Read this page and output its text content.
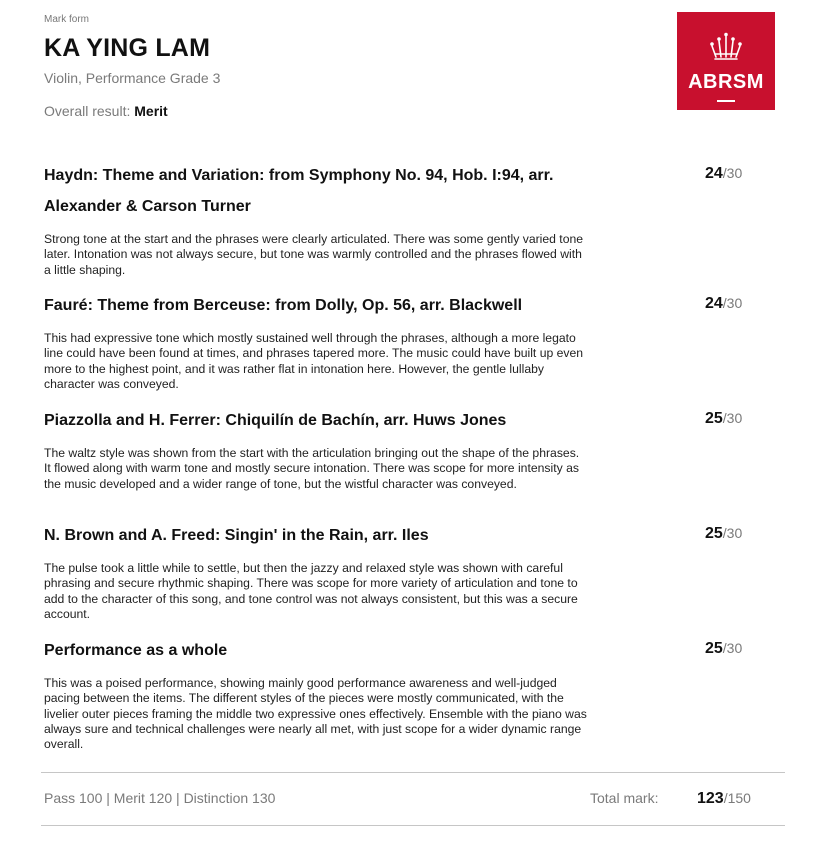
Mark form
KA YING LAM
Violin, Performance Grade 3
Overall result: Merit
ABRSM
Haydn: Theme and Variation: from Symphony No. 94, Hob. I:94, arr. Alexander & Carson Turner
Strong tone at the start and the phrases were clearly articulated. There was some gently varied tone later. Intonation was not always secure, but tone was warmly controlled and the phrases flowed with a little shaping.
24/30
Fauré: Theme from Berceuse: from Dolly, Op. 56, arr. Blackwell
This had expressive tone which mostly sustained well through the phrases, although a more legato line could have been found at times, and phrases tapered more. The music could have built up even more to the highest point, and it was rather flat in intonation here. However, the gentle lullaby character was conveyed.
24/30
Piazzolla and H. Ferrer: Chiquilín de Bachín, arr. Huws Jones
The waltz style was shown from the start with the articulation bringing out the shape of the phrases. It flowed along with warm tone and mostly secure intonation. There was scope for more intensity as the music developed and a wider range of tone, but the wistful character was conveyed.
25/30
N. Brown and A. Freed: Singin' in the Rain, arr. Iles
The pulse took a little while to settle, but then the jazzy and relaxed style was shown with careful phrasing and secure rhythmic shaping. There was scope for more variety of articulation and tone to add to the character of this song, and tone control was not always consistent, but this was a secure account.
25/30
Performance as a whole
This was a poised performance, showing mainly good performance awareness and well-judged pacing between the items. The different styles of the pieces were mostly communicated, with the livelier outer pieces framing the middle two expressive ones effectively. Ensemble with the piano was always sure and technical challenges were nearly all met, with just scope for a wider dynamic range overall.
25/30
Pass 100 | Merit 120 | Distinction 130	Total mark: 123/150
